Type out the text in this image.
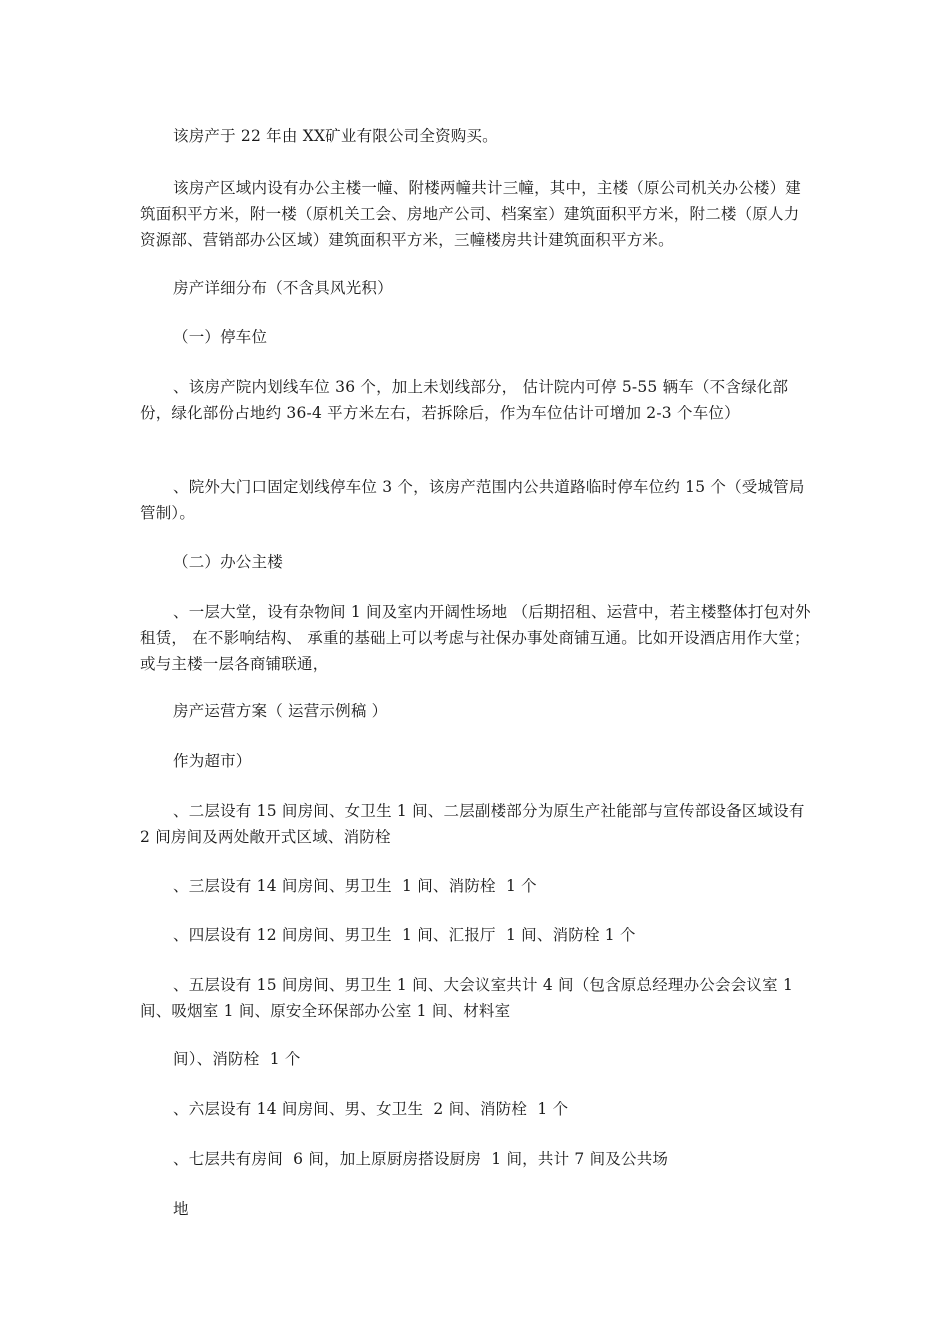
该房产于 22 年由 XX矿业有限公司全资购买。

该房产区域内设有办公主楼一幢、附楼两幢共计三幢，其中，主楼（原公司机关办公楼）建筑面积平方米，附一楼（原机关工会、房地产公司、档案室）建筑面积平方米，附二楼（原人力资源部、营销部办公区域）建筑面积平方米，三幢楼房共计建筑面积平方米。

房产详细分布（不含具风光积）

（一）停车位

、该房产院内划线车位 36 个，加上未划线部分， 估计院内可停 5-55 辆车（不含绿化部份，绿化部份占地约 36-4 平方米左右，若拆除后，作为车位估计可增加 2-3 个车位）

、院外大门口固定划线停车位 3 个，该房产范围内公共道路临时停车位约 15 个（受城管局管制）。

（二）办公主楼

、一层大堂，设有杂物间 1 间及室内开阔性场地 （后期招租、运营中，若主楼整体打包对外租赁， 在不影响结构、 承重的基础上可以考虑与社保办事处商铺互通。比如开设酒店用作大堂；或与主楼一层各商铺联通，

房产运营方案（ 运营示例稿 ）

作为超市）

、二层设有 15 间房间、女卫生 1 间、二层副楼部分为原生产社能部与宣传部设备区域设有 2 间房间及两处敞开式区域、消防栓

、三层设有 14 间房间、男卫生  1 间、消防栓  1 个

、四层设有 12 间房间、男卫生  1 间、汇报厅  1 间、消防栓 1 个

、五层设有 15 间房间、男卫生 1 间、大会议室共计 4 间（包含原总经理办公会会议室 1 间、吸烟室 1 间、原安全环保部办公室 1 间、材料室

间）、消防栓  1 个

、六层设有 14 间房间、男、女卫生  2 间、消防栓  1 个

、七层共有房间  6 间，加上原厨房搭设厨房  1 间，共计 7 间及公共场

地
